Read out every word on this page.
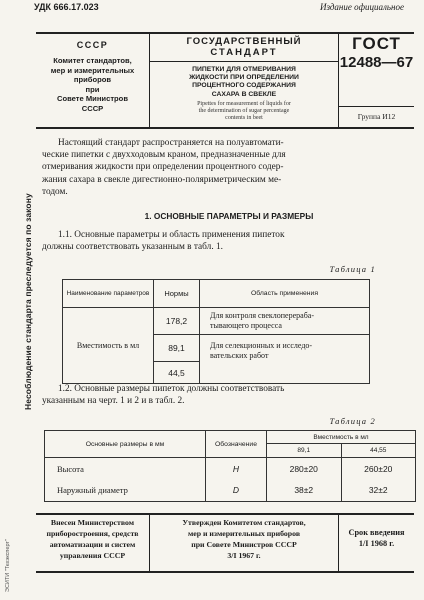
УДК 666.17.023	Издание официальное
Несоблюдение стандарта преследуется по закону
ЭСИТИ "Техэксперт"
СССР
Комитет стандартов,
мер и измерительных
приборов
при
Совете Министров
СССР
ГОСУДАРСТВЕННЫЙ
СТАНДАРТ
ПИПЕТКИ ДЛЯ ОТМЕРИВАНИЯ
ЖИДКОСТИ ПРИ ОПРЕДЕЛЕНИИ
ПРОЦЕНТНОГО СОДЕРЖАНИЯ
САХАРА В СВЕКЛЕ
Pipettes for measurement of liquids for
the determination of sugar percentage
contents in beet
ГОСТ
12488—67
Группа И12
Настоящий стандарт распространяется на полуавтомати-
ческие пипетки с двухходовым краном, предназначенные для
отмеривания жидкости при определении процентного содер-
жания сахара в свекле дигестионно-поляриметрическим ме-
тодом.
1. ОСНОВНЫЕ ПАРАМЕТРЫ И РАЗМЕРЫ
1.1. Основные параметры и область применения пипеток
должны соответствовать указанным в табл. 1.
Таблица 1
Наименование параметров	Нормы	Область применения
Вместимость в мл	178,2	Для контроля свеклоперераба-
тывающего процесса

	89,1	Для селекционных и исследо-
вательских работ

	44,5	
1.2. Основные размеры пипеток должны соответствовать
указанным на черт. 1 и 2 и в табл. 2.
Таблица 2
Основные размеры в мм	Обозначение	Вместимость в мл	
		89,1	44,55
Высота	H	280±20	260±20
Наружный диаметр	D	38±2	32±2
Внесен Министерством
приборостроения, средств
автоматизации и систем
управления СССР
Утвержден Комитетом стандартов,
мер и измерительных приборов
при Совете Министров СССР
3/I 1967 г.
Срок введения
1/I 1968 г.
